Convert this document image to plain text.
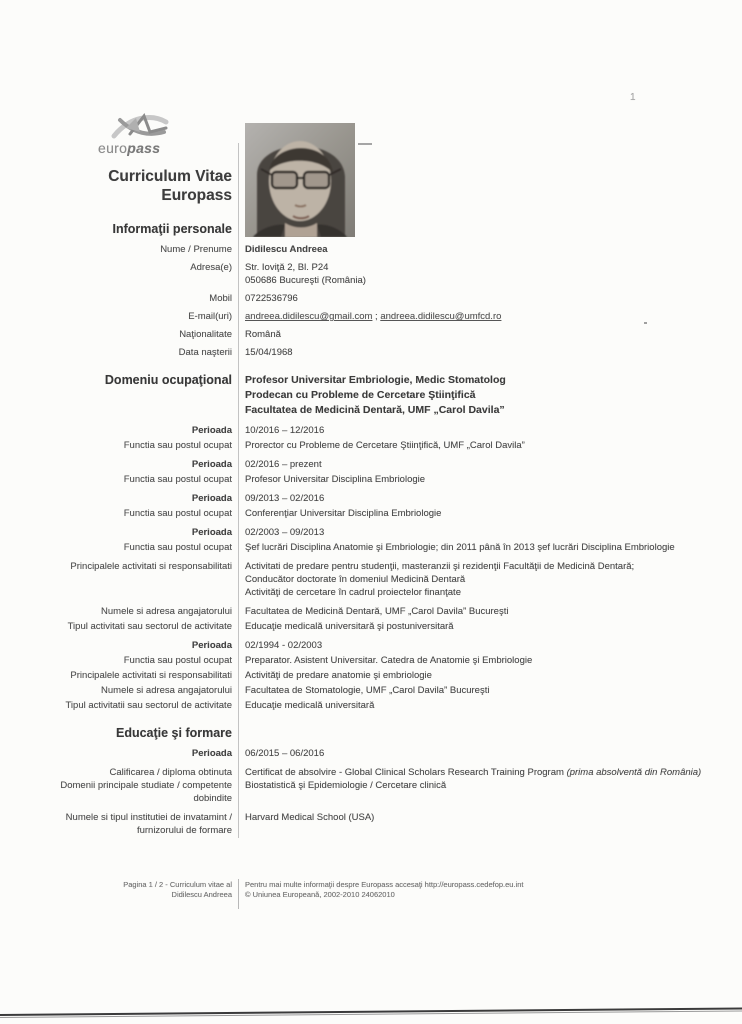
1
europass
Curriculum Vitae
Europass
Informaţii personale
Nume / Prenume Didilescu Andreea
Adresa(e) Str. Ioviţă 2, Bl. P24
050686 Bucureşti (România)
Mobil 0722536796
E-mail(uri) andreea.didilescu@gmail.com ; andreea.didilescu@umfcd.ro
Naţionalitate Română
Data naşterii 15/04/1968
Domeniu ocupaţional Profesor Universitar Embriologie, Medic Stomatolog
Prodecan cu Probleme de Cercetare Ştiinţifică
Facultatea de Medicină Dentară, UMF „Carol Davila”
Perioada 10/2016 – 12/2016
Functia sau postul ocupat Prorector cu Probleme de Cercetare Ştiinţifică, UMF „Carol Davila”
Perioada 02/2016 – prezent
Functia sau postul ocupat Profesor Universitar Disciplina Embriologie
Perioada 09/2013 – 02/2016
Functia sau postul ocupat Conferenţiar Universitar Disciplina Embriologie
Perioada 02/2003 – 09/2013
Functia sau postul ocupat Şef lucrări Disciplina Anatomie şi Embriologie; din 2011 până în 2013 şef lucrări Disciplina Embriologie
Principalele activitati si responsabilitati Activitati de predare pentru studenţii, masteranzii şi rezidenţii Facultăţii de Medicină Dentară;
Conducător doctorate în domeniul Medicină Dentară
Activităţi de cercetare în cadrul proiectelor finanţate
Numele si adresa angajatorului Facultatea de Medicină Dentară, UMF „Carol Davila” Bucureşti
Tipul activitati sau sectorul de activitate Educaţie medicală universitară şi postuniversitară
Perioada 02/1994 - 02/2003
Functia sau postul ocupat Preparator. Asistent Universitar. Catedra de Anatomie şi Embriologie
Principalele activitati si responsabilitati Activităţi de predare anatomie şi embriologie
Numele si adresa angajatorului Facultatea de Stomatologie, UMF „Carol Davila” Bucureşti
Tipul activitatii sau sectorul de activitate Educaţie medicală universitară
Educaţie şi formare
Perioada 06/2015 – 06/2016
Calificarea / diploma obtinuta
Domenii principale studiate / competente
dobindite
Certificat de absolvire - Global Clinical Scholars Research Training Program (prima absolventă din România)
Biostatistică şi Epidemiologie / Cercetare clinică
Numele si tipul institutiei de invatamint /
furnizorului de formare
Harvard Medical School (USA)
Pagina 1 / 2 - Curriculum vitae al
Didilescu Andreea
Pentru mai multe informaţii despre Europass accesaţi http://europass.cedefop.eu.int
© Uniunea Europeană, 2002-2010 24062010
